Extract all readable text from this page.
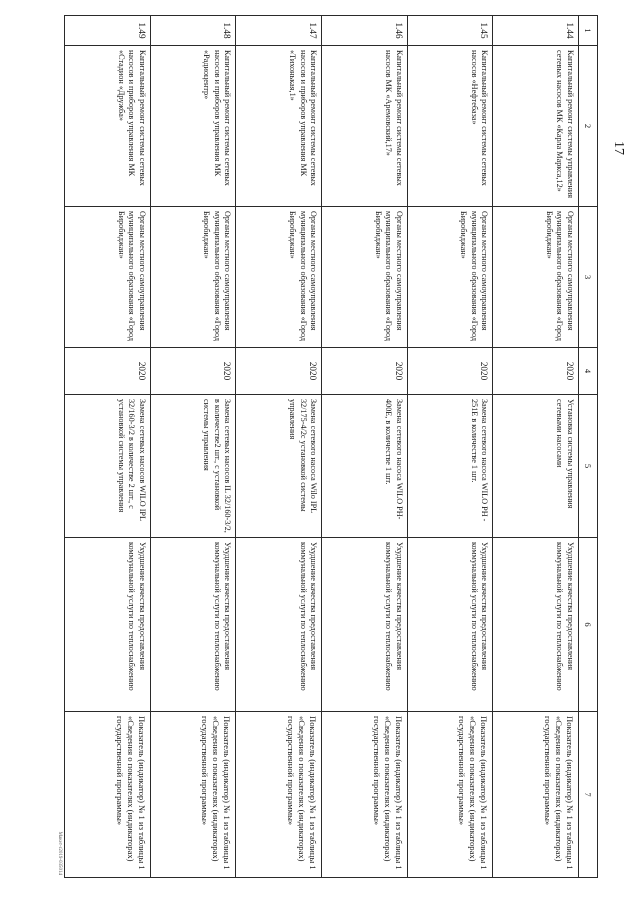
17
1	2	3	4	5	6	7
1.44	Капитальный ремонт системы управления сетевых насосов МК «Карла Маркса,12»	Органы местного самоуправления муниципального образования «Город Биробиджан»	2020	Установка системы управления сетевыми насосами	Ухудшение качества предоставления коммунальной услуги по теплоснабжению	Показатель (индикатор) № 1 из таблицы 1 «Сведения о показателях (индикаторах) государственной программы»
1.45	Капитальный ремонт системы сетевых насосов «Нефтебаза»	Органы местного самоуправления муниципального образования «Город Биробиджан»	2020	Замена сетевого насоса WILO PH - 251E в количестве 1 шт.	Ухудшение качества предоставления коммунальной услуги по теплоснабжению	Показатель (индикатор) № 1 из таблицы 1 «Сведения о показателях (индикаторах) государственной программы»
1.46	Капитальный ремонт системы сетевых насосов МК «Аремовский,17»	Органы местного самоуправления муниципального образования «Город Биробиджан»	2020	Замена сетевого насоса WILO PH-400E, в количестве 1 шт.	Ухудшение качества предоставления коммунальной услуги по теплоснабжению	Показатель (индикатор) № 1 из таблицы 1 «Сведения о показателях (индикаторах) государственной программы»
1.47	Капитальный ремонт системы сетевых насосов и приборов управления МК «Тихонькая,1»	Органы местного самоуправления муниципального образования «Город Биробиджан»	2020	Замена сетевого насоса Wilo IPL 32/175-4/2с установкой системы управления	Ухудшение качества предоставления коммунальной услуги по теплоснабжению	Показатель (индикатор) № 1 из таблицы 1 «Сведения о показателях (индикаторах) государственной программы»
1.48	Капитальный ремонт системы сетевых насосов и приборов управления МК «Радиоцентр»	Органы местного самоуправления муниципального образования «Город Биробиджан»	2020	Замена сетевых насосов IL 32/160-3/2, в количестве2 шт., с установкой системы управления	Ухудшение качества предоставления коммунальной услуги по теплоснабжению	Показатель (индикатор) № 1 из таблицы 1 «Сведения о показателях (индикаторах) государственной программы»
1.49	Капитальный ремонт системы сетевых насосов и приборов управления МК «Стадион «Дружба»	Органы местного самоуправления муниципального образования «Город Биробиджан»	2020	Замена сетевых насосов WILO IPL 32/160-3/2 в количестве 2 шт., с установкой системы управления	Ухудшение качества предоставления коммунальной услуги по теплоснабжению	Показатель (индикатор) № 1 из таблицы 1 «Сведения о показателях (индикаторах) государственной программы»
Макет-r2019-035014
